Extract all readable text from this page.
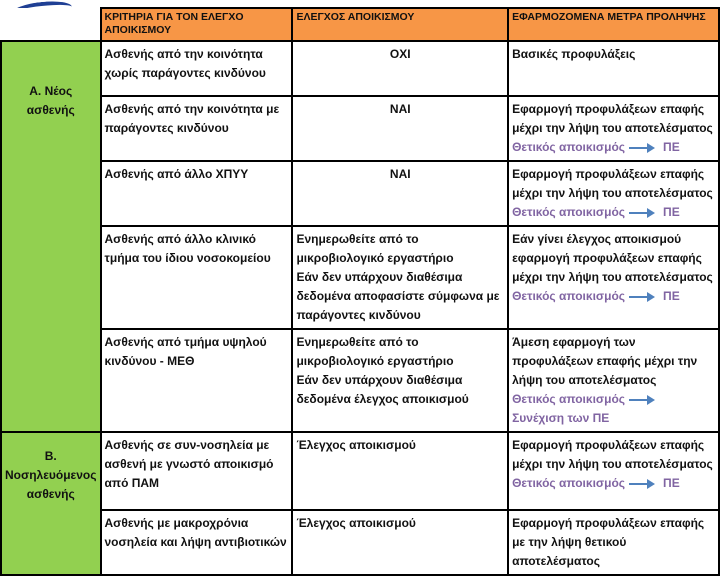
	ΚΡΙΤΗΡΙΑ ΓΙΑ ΤΟΝ ΕΛΕΓΧΟ ΑΠΟΙΚΙΣΜΟΥ	ΕΛΕΓΧΟΣ ΑΠΟΙΚΙΣΜΟΥ	ΕΦΑΡΜΟΖΟΜΕΝΑ ΜΕΤΡΑ ΠΡΟΛΗΨΗΣ
Α. Νέος ασθενής	Ασθενής από την κοινότητα χωρίς παράγοντες κινδύνου	ΟΧΙ	Βασικές προφυλάξεις
	Ασθενής από την κοινότητα με παράγοντες κινδύνου	ΝΑΙ	Εφαρμογή προφυλάξεων επαφής μέχρι την λήψη του αποτελέσματος
Θετικός αποικισμός ΠΕ
	Ασθενής από άλλο ΧΠΥΥ	ΝΑΙ	Εφαρμογή προφυλάξεων επαφής μέχρι την λήψη του αποτελέσματος
Θετικός αποικισμός ΠΕ
	Ασθενής από άλλο κλινικό τμήμα του ίδιου νοσοκομείου	Ενημερωθείτε από το μικροβιολογικό εργαστήριο
Εάν δεν υπάρχουν διαθέσιμα δεδομένα αποφασίστε σύμφωνα με παράγοντες κινδύνου	Εάν γίνει έλεγχος αποικισμού εφαρμογή προφυλάξεων επαφής μέχρι την λήψη του αποτελέσματος
Θετικός αποικισμός ΠΕ
	Ασθενής από τμήμα υψηλού κινδύνου - ΜΕΘ	Ενημερωθείτε από το μικροβιολογικό εργαστήριο
Εάν δεν υπάρχουν διαθέσιμα δεδομένα έλεγχος αποικισμού	Άμεση εφαρμογή των προφυλάξεων επαφής μέχρι την λήψη του αποτελέσματος
Θετικός αποικισμόςΣυνέχιση των ΠΕ
Β. Νοσηλευόμενος ασθενής	Ασθενής σε συν-νοσηλεία με ασθενή με γνωστό αποικισμό από ΠΑΜ	Έλεγχος αποικισμού	Εφαρμογή προφυλάξεων επαφής μέχρι την λήψη του αποτελέσματος
Θετικός αποικισμός ΠΕ
	Ασθενής με μακροχρόνια νοσηλεία και λήψη αντιβιοτικών	Έλεγχος αποικισμού	Εφαρμογή προφυλάξεων επαφής με την λήψη θετικού αποτελέσματος
